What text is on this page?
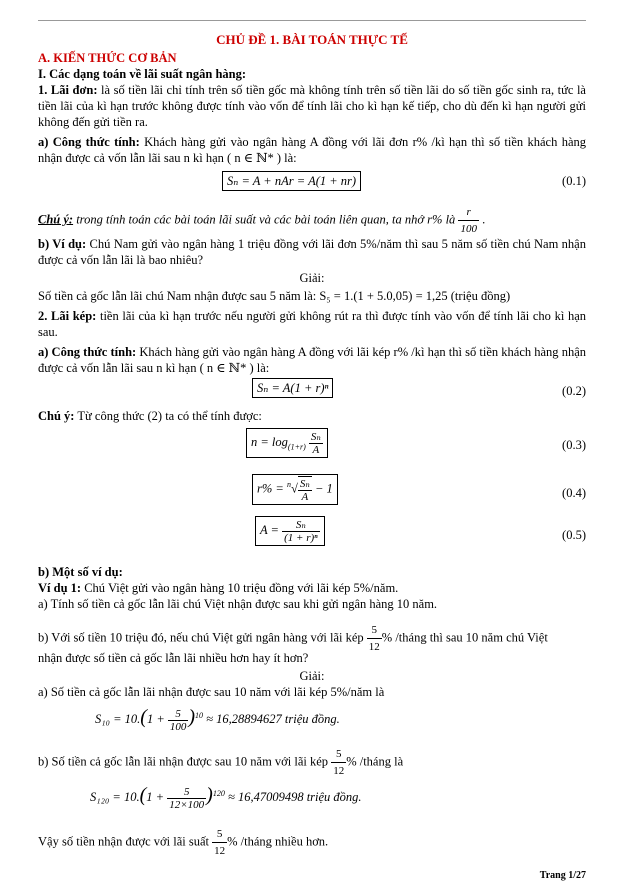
CHỦ ĐỀ 1. BÀI TOÁN THỰC TẾ
A. KIẾN THỨC CƠ BẢN
I. Các dạng toán về lãi suất ngân hàng:
1. Lãi đơn: là số tiền lãi chỉ tính trên số tiền gốc mà không tính trên số tiền lãi do số tiền gốc sinh ra, tức là tiền lãi của kì hạn trước không được tính vào vốn để tính lãi cho kì hạn kế tiếp, cho dù đến kì hạn người gửi không đến gửi tiền ra.
a) Công thức tính: Khách hàng gửi vào ngân hàng A đồng với lãi đơn r% /kì hạn thì số tiền khách hàng nhận được cả vốn lẫn lãi sau n kì hạn ( n ∈ ℕ* ) là:
Sₙ = A + nAr = A(1 + nr)	(0.1)
Chú ý: trong tính toán các bài toán lãi suất và các bài toán liên quan, ta nhớ r% là $\frac{r}{100}$ .
b) Ví dụ: Chú Nam gửi vào ngân hàng 1 triệu đồng với lãi đơn 5%/năm thì sau 5 năm số tiền chú Nam nhận được cả vốn lẫn lãi là bao nhiêu?
Giải:
Số tiền cả gốc lẫn lãi chú Nam nhận được sau 5 năm là: S₅ = 1.(1 + 5.0,05) = 1,25 (triệu đồng)
2. Lãi kép: tiền lãi của kì hạn trước nếu người gửi không rút ra thì được tính vào vốn để tính lãi cho kì hạn sau.
a) Công thức tính: Khách hàng gửi vào ngân hàng A đồng với lãi kép r% /kì hạn thì số tiền khách hàng nhận được cả vốn lẫn lãi sau n kì hạn ( n ∈ ℕ* ) là:
Sₙ = A(1 + r)ⁿ	(0.2)
Chú ý: Từ công thức (2) ta có thể tính được:
$n = \log_{(1+r)} \frac{\text{Sₙ}}{A}$	(0.3)
$r\% = ^n√ \frac{\text{Sₙ}}{A} - 1$	(0.4)
$A = \frac{\text{Sₙ}}{\text{(1 + r)ⁿ}}$	(0.5)
b) Một số ví dụ:
Ví dụ 1: Chú Việt gửi vào ngân hàng 10 triệu đồng với lãi kép 5%/năm.
a) Tính số tiền cả gốc lẫn lãi chú Việt nhận được sau khi gửi ngân hàng 10 năm.
b) Với số tiền 10 triệu đó, nếu chú Việt gửi ngân hàng với lãi kép $\frac{5}{12}$ % /tháng thì sau 10 năm chú Việt
nhận được số tiền cả gốc lẫn lãi nhiều hơn hay ít hơn?
Giải:
a) Số tiền cả gốc lẫn lãi nhận được sau 10 năm với lãi kép 5%/năm là
$S_{10} = 10.(1 + \frac{5}{100} )^{10} \approx 16,28894627$ triệu đồng.
b) Số tiền cả gốc lẫn lãi nhận được sau 10 năm với lãi kép $\frac{5}{12}$ % /tháng là
$S_{120} = 10.(1 + \frac{5}{12\times 100} )^{120} \approx 16,47009498$ triệu đồng.
Vậy số tiền nhận được với lãi suất $\frac{5}{12}$ % /tháng nhiều hơn.
Trang 1/27
